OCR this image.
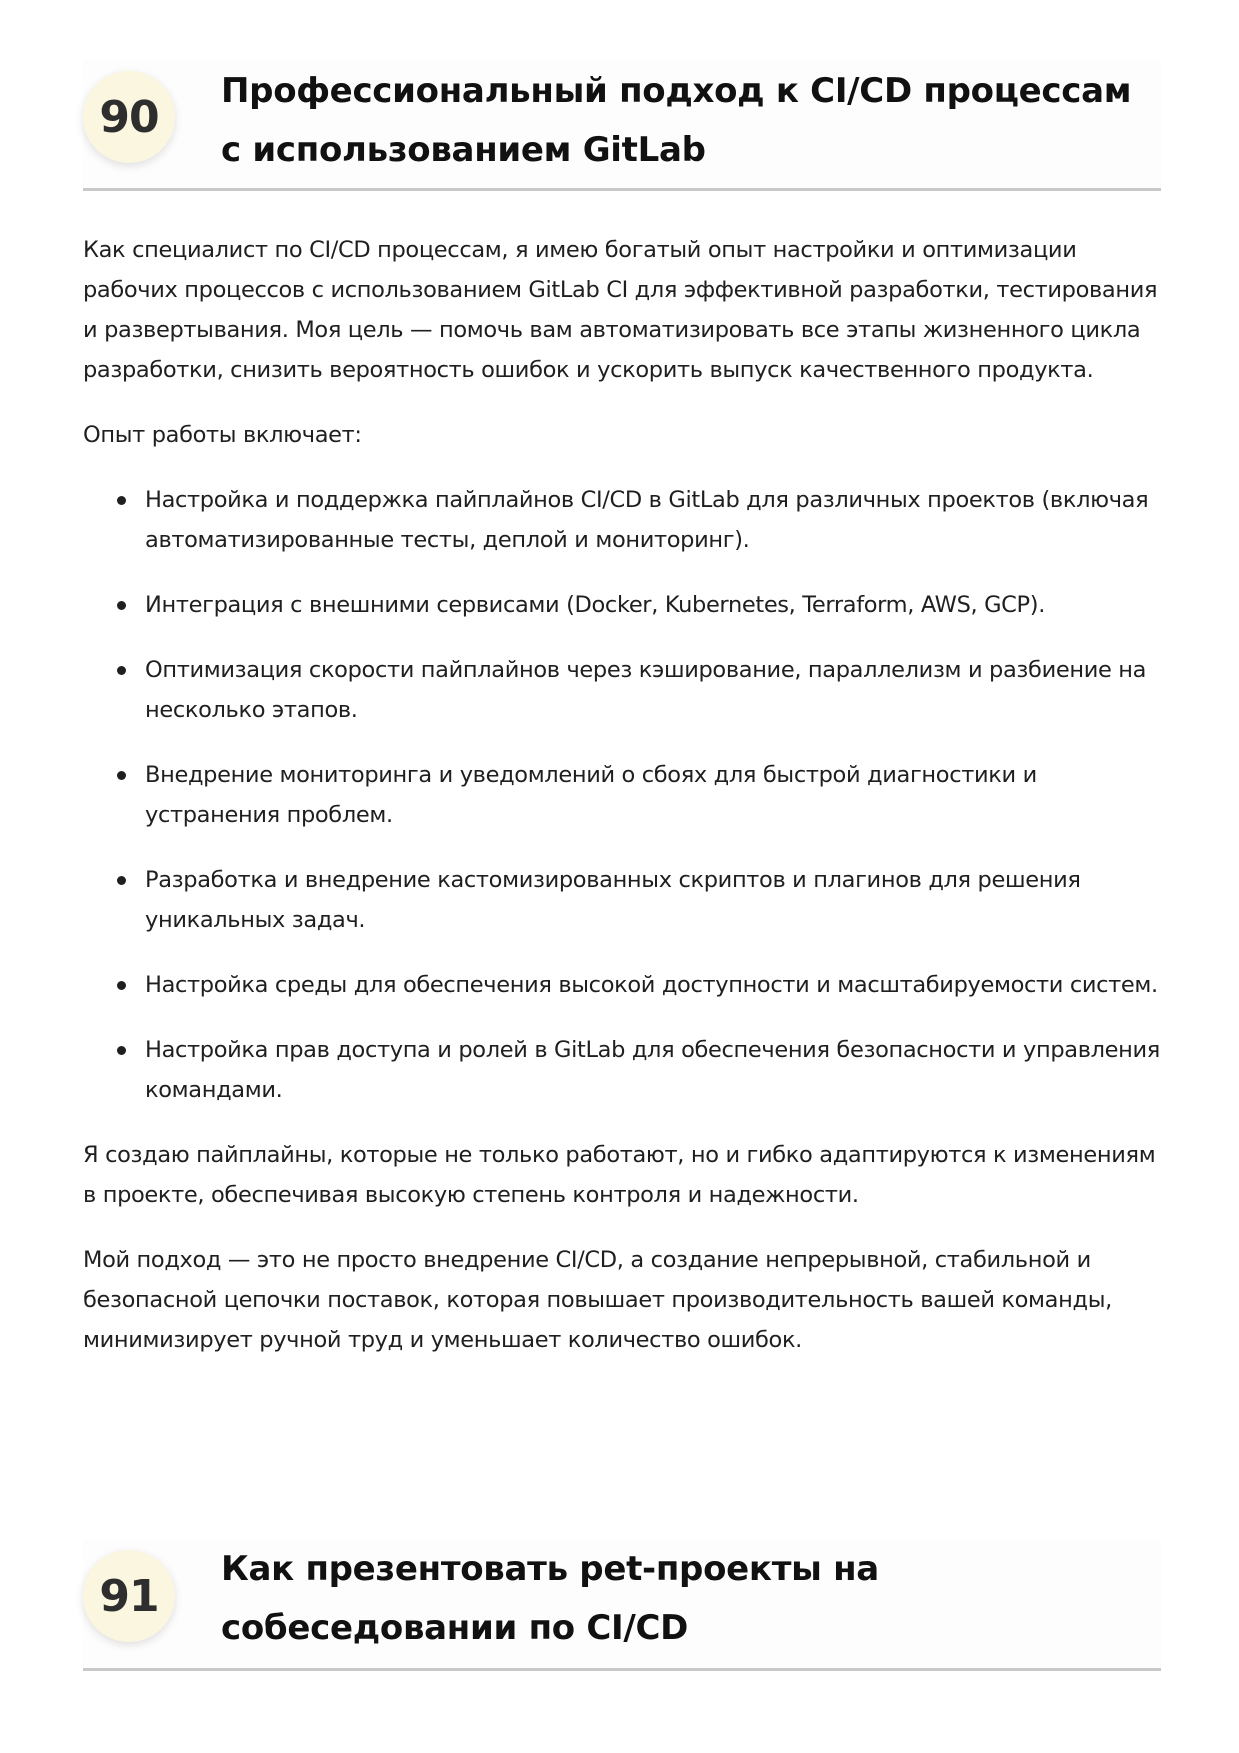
90
Профессиональный подход к CI/CD процессам с использованием GitLab

Как специалист по CI/CD процессам, я имею богатый опыт настройки и оптимизации рабочих процессов с использованием GitLab CI для эффективной разработки, тестирования и развертывания. Моя цель — помочь вам автоматизировать все этапы жизненного цикла разработки, снизить вероятность ошибок и ускорить выпуск качественного продукта.

Опыт работы включает:

Настройка и поддержка пайплайнов CI/CD в GitLab для различных проектов (включая автоматизированные тесты, деплой и мониторинг).
Интеграция с внешними сервисами (Docker, Kubernetes, Terraform, AWS, GCP).
Оптимизация скорости пайплайнов через кэширование, параллелизм и разбиение на несколько этапов.
Внедрение мониторинга и уведомлений о сбоях для быстрой диагностики и устранения проблем.
Разработка и внедрение кастомизированных скриптов и плагинов для решения уникальных задач.
Настройка среды для обеспечения высокой доступности и масштабируемости систем.
Настройка прав доступа и ролей в GitLab для обеспечения безопасности и управления командами.

Я создаю пайплайны, которые не только работают, но и гибко адаптируются к изменениям в проекте, обеспечивая высокую степень контроля и надежности.

Мой подход — это не просто внедрение CI/CD, а создание непрерывной, стабильной и безопасной цепочки поставок, которая повышает производительность вашей команды, минимизирует ручной труд и уменьшает количество ошибок.

91
Как презентовать pet-проекты на собеседовании по CI/CD
